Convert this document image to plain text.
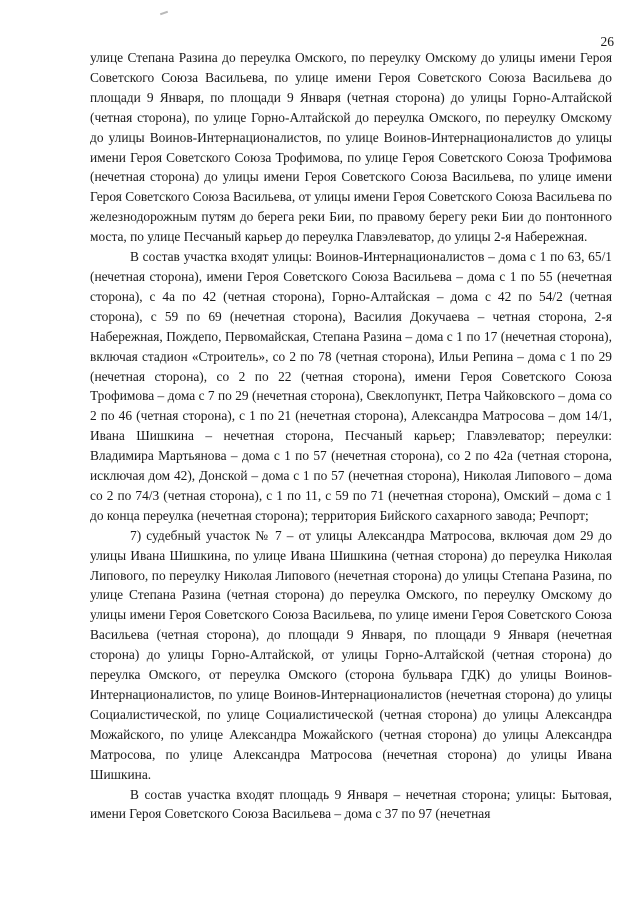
26

улице Степана Разина до переулка Омского, по переулку Омскому до улицы имени Героя Советского Союза Васильева, по улице имени Героя Советского Союза Васильева до площади 9 Января, по площади 9 Января (четная сторона) до улицы Горно-Алтайской (четная сторона), по улице Горно-Алтайской до переулка Омского, по переулку Омскому до улицы Воинов-Интернационалистов, по улице Воинов-Интернационалистов до улицы имени Героя Советского Союза Трофимова, по улице Героя Советского Союза Трофимова (нечетная сторона) до улицы имени Героя Советского Союза Васильева, по улице имени Героя Советского Союза Васильева, от улицы имени Героя Советского Союза Васильева по железнодорожным путям до берега реки Бии, по правому берегу реки Бии до понтонного моста, по улице Песчаный карьер до переулка Главэлеватор, до улицы 2-я Набережная.

В состав участка входят улицы: Воинов-Интернационалистов – дома с 1 по 63, 65/1 (нечетная сторона), имени Героя Советского Союза Васильева – дома с 1 по 55 (нечетная сторона), с 4а по 42 (четная сторона), Горно-Алтайская – дома с 42 по 54/2 (четная сторона), с 59 по 69 (нечетная сторона), Василия Докучаева – четная сторона, 2-я Набережная, Пождепо, Первомайская, Степана Разина – дома с 1 по 17 (нечетная сторона), включая стадион «Строитель», со 2 по 78 (четная сторона), Ильи Репина – дома с 1 по 29 (нечетная сторона), со 2 по 22 (четная сторона), имени Героя Советского Союза Трофимова – дома с 7 по 29 (нечетная сторона), Свеклопункт, Петра Чайковского – дома со 2 по 46 (четная сторона), с 1 по 21 (нечетная сторона), Александра Матросова – дом 14/1, Ивана Шишкина – нечетная сторона, Песчаный карьер; Главэлеватор; переулки: Владимира Мартьянова – дома с 1 по 57 (нечетная сторона), со 2 по 42а (четная сторона, исключая дом 42), Донской – дома с 1 по 57 (нечетная сторона), Николая Липового – дома со 2 по 74/3 (четная сторона), с 1 по 11, с 59 по 71 (нечетная сторона), Омский – дома с 1 до конца переулка (нечетная сторона); территория Бийского сахарного завода; Речпорт;

7) судебный участок № 7 – от улицы Александра Матросова, включая дом 29 до улицы Ивана Шишкина, по улице Ивана Шишкина (четная сторона) до переулка Николая Липового, по переулку Николая Липового (нечетная сторона) до улицы Степана Разина, по улице Степана Разина (четная сторона) до переулка Омского, по переулку Омскому до улицы имени Героя Советского Союза Васильева, по улице имени Героя Советского Союза Васильева (четная сторона), до площади 9 Января, по площади 9 Января (нечетная сторона) до улицы Горно-Алтайской, от улицы Горно-Алтайской (четная сторона) до переулка Омского, от переулка Омского (сторона бульвара ГДК) до улицы Воинов-Интернационалистов, по улице Воинов-Интернационалистов (нечетная сторона) до улицы Социалистической, по улице Социалистической (четная сторона) до улицы Александра Можайского, по улице Александра Можайского (четная сторона) до улицы Александра Матросова, по улице Александра Матросова (нечетная сторона) до улицы Ивана Шишкина.

В состав участка входят площадь 9 Января – нечетная сторона; улицы: Бытовая, имени Героя Советского Союза Васильева – дома с 37 по 97 (нечетная
